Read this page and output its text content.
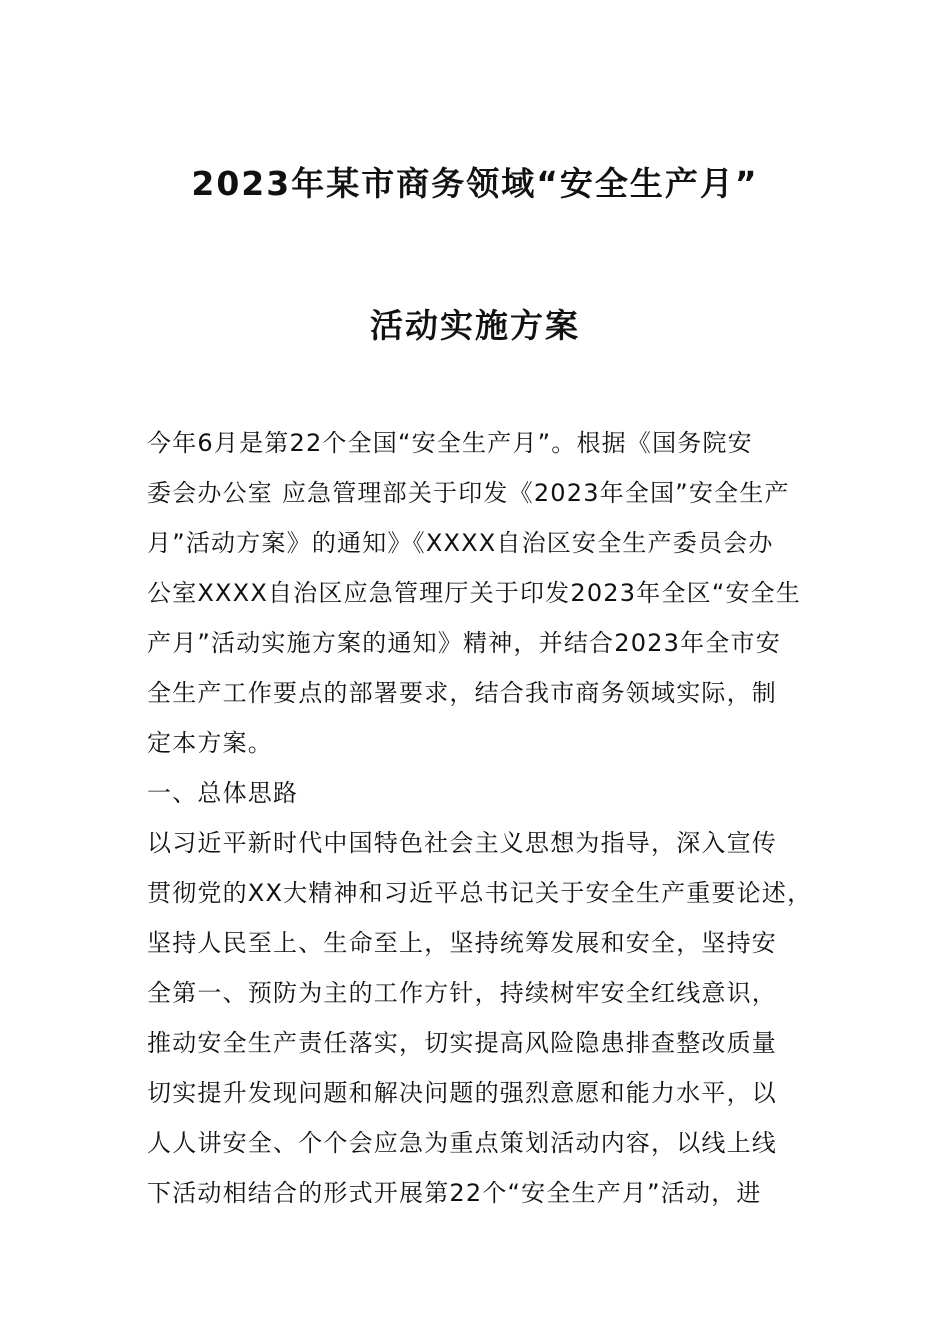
2023年某市商务领域“安全生产月”
活动实施方案
今年6月是第22个全国“安全生产月”。根据《国务院安
委会办公室 应急管理部关于印发《2023年全国”安全生产
月”活动方案》的通知》《XXXX自治区安全生产委员会办
公室XXXX自治区应急管理厅关于印发2023年全区“安全生
产月”活动实施方案的通知》精神，并结合2023年全市安
全生产工作要点的部署要求，结合我市商务领域实际，制
定本方案。
一、总体思路
以习近平新时代中国特色社会主义思想为指导，深入宣传
贯彻党的XX大精神和习近平总书记关于安全生产重要论述，
坚持人民至上、生命至上，坚持统筹发展和安全，坚持安
全第一、预防为主的工作方针，持续树牢安全红线意识，
推动安全生产责任落实，切实提高风险隐患排查整改质量
切实提升发现问题和解决问题的强烈意愿和能力水平，以
人人讲安全、个个会应急为重点策划活动内容，以线上线
下活动相结合的形式开展第22个“安全生产月”活动，进
